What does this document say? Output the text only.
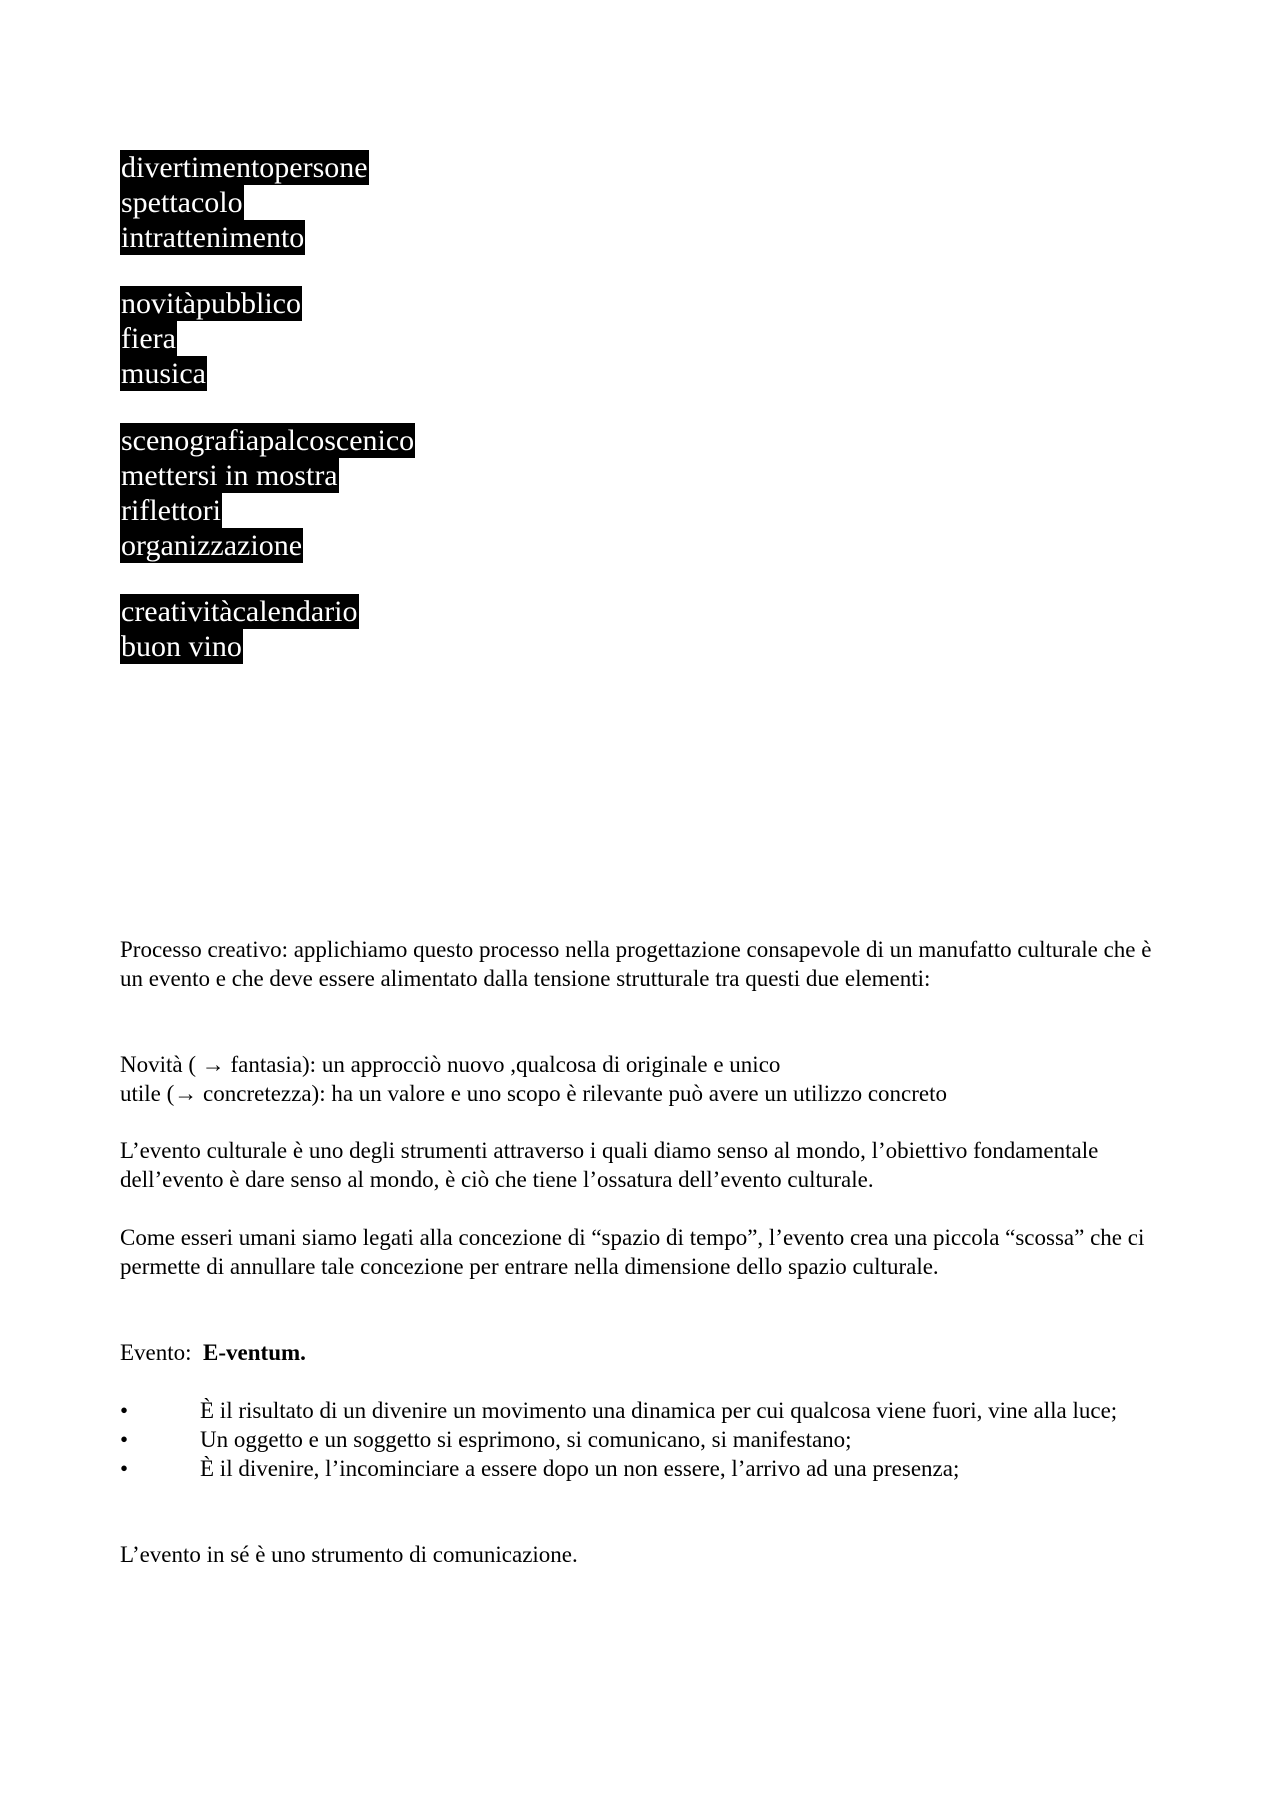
divertimentopersone
spettacolo
intrattenimento
novitàpubblico
fiera
musica
scenografiapalcoscenico
mettersi in mostra
riflettori
organizzazione
creativitàcalendario
buon vino

Processo creativo: applichiamo questo processo nella progettazione consapevole di un manufatto culturale che è un evento e che deve essere alimentato dalla tensione strutturale tra questi due elementi:

Novità ( → fantasia): un approcciò nuovo ,qualcosa di originale e unico

utile (→ concretezza): ha un valore e uno scopo è rilevante può avere un utilizzo concreto

L’evento culturale è uno degli strumenti attraverso i quali diamo senso al mondo, l’obiettivo fondamentale dell’evento è dare senso al mondo, è ciò che tiene l’ossatura dell’evento culturale.

Come esseri umani siamo legati alla concezione di “spazio di tempo”, l’evento crea una piccola “scossa” che ci permette di annullare tale concezione per entrare nella dimensione dello spazio culturale.

Evento: E-ventum.

•	È il risultato di un divenire un movimento una dinamica per cui qualcosa viene fuori, vine alla luce;
•	Un oggetto e un soggetto si esprimono, si comunicano, si manifestano;
•	È il divenire, l’incominciare a essere dopo un non essere, l’arrivo ad una presenza;

L’evento in sé è uno strumento di comunicazione.
